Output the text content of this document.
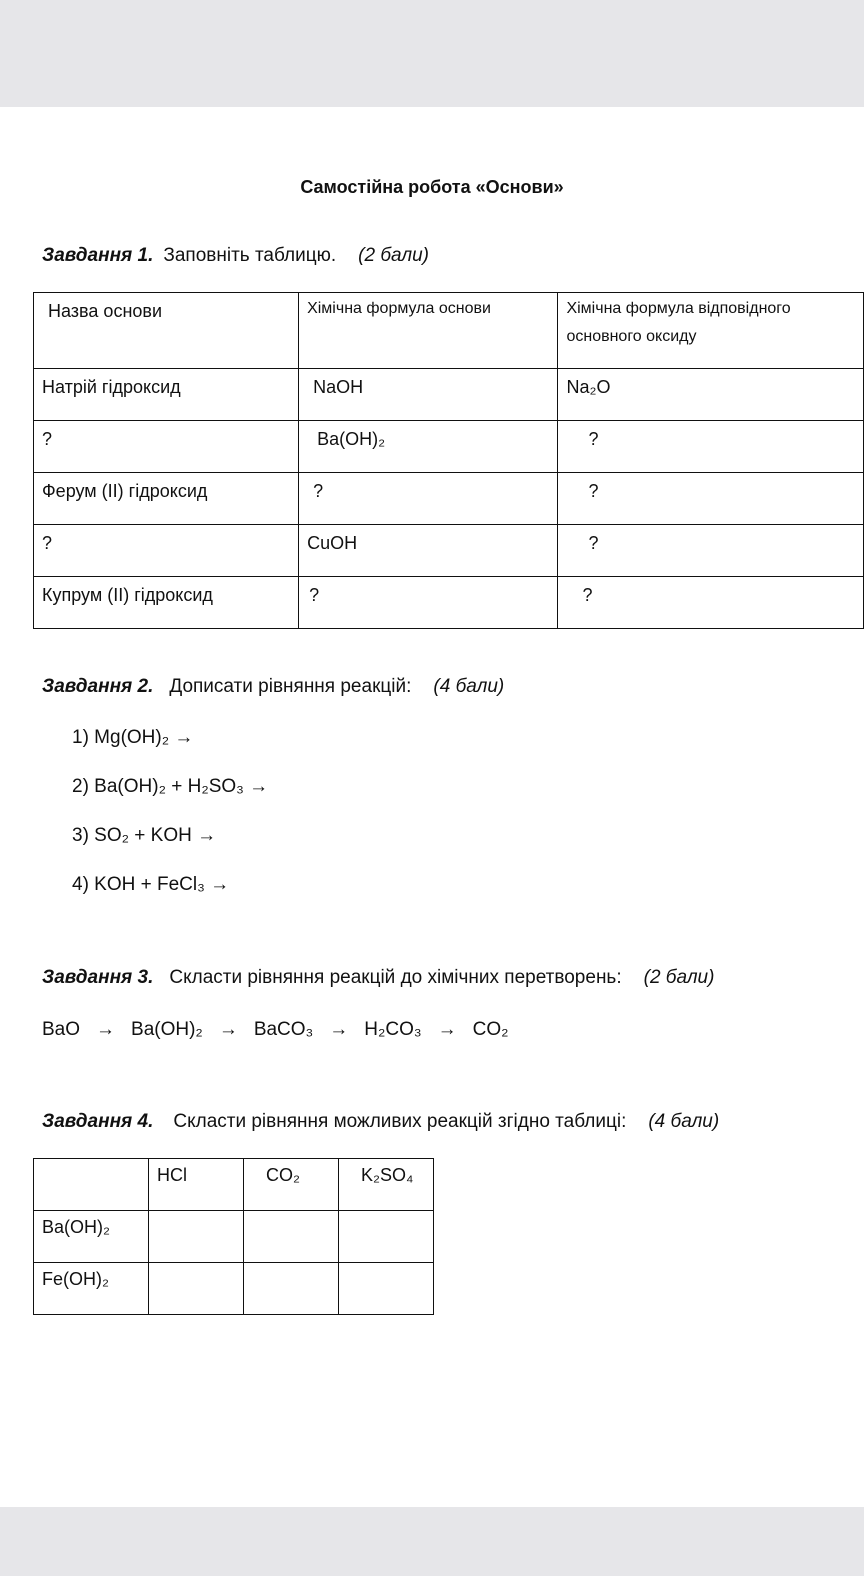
Самостійна робота «Основи»
Завдання 1. Заповніть таблицю. (2 бали)
Назва основи	Хімічна формула основи	Хімічна формула відповідного основного оксиду
Натрій гідроксид	NaOH	Na₂O
?	Ba(OH)₂	?
Ферум (II) гідроксид	?	?
?	CuOH	?
Купрум (II) гідроксид	?	?
Завдання 2. Дописати рівняння реакцій: (4 бали)
1) Mg(OH)₂ →
2) Ba(OH)₂ + H₂SO₃ →
3) SO₂ + KOH →
4) KOH + FeCl₃ →
Завдання 3. Скласти рівняння реакцій до хімічних перетворень: (2 бали)
BaO → Ba(OH)₂ → BaCO₃ → H₂CO₃ → CO₂
Завдання 4. Скласти рівняння можливих реакцій згідно таблиці: (4 бали)
	HCl	CO₂	K₂SO₄
Ba(OH)₂			
Fe(OH)₂			
